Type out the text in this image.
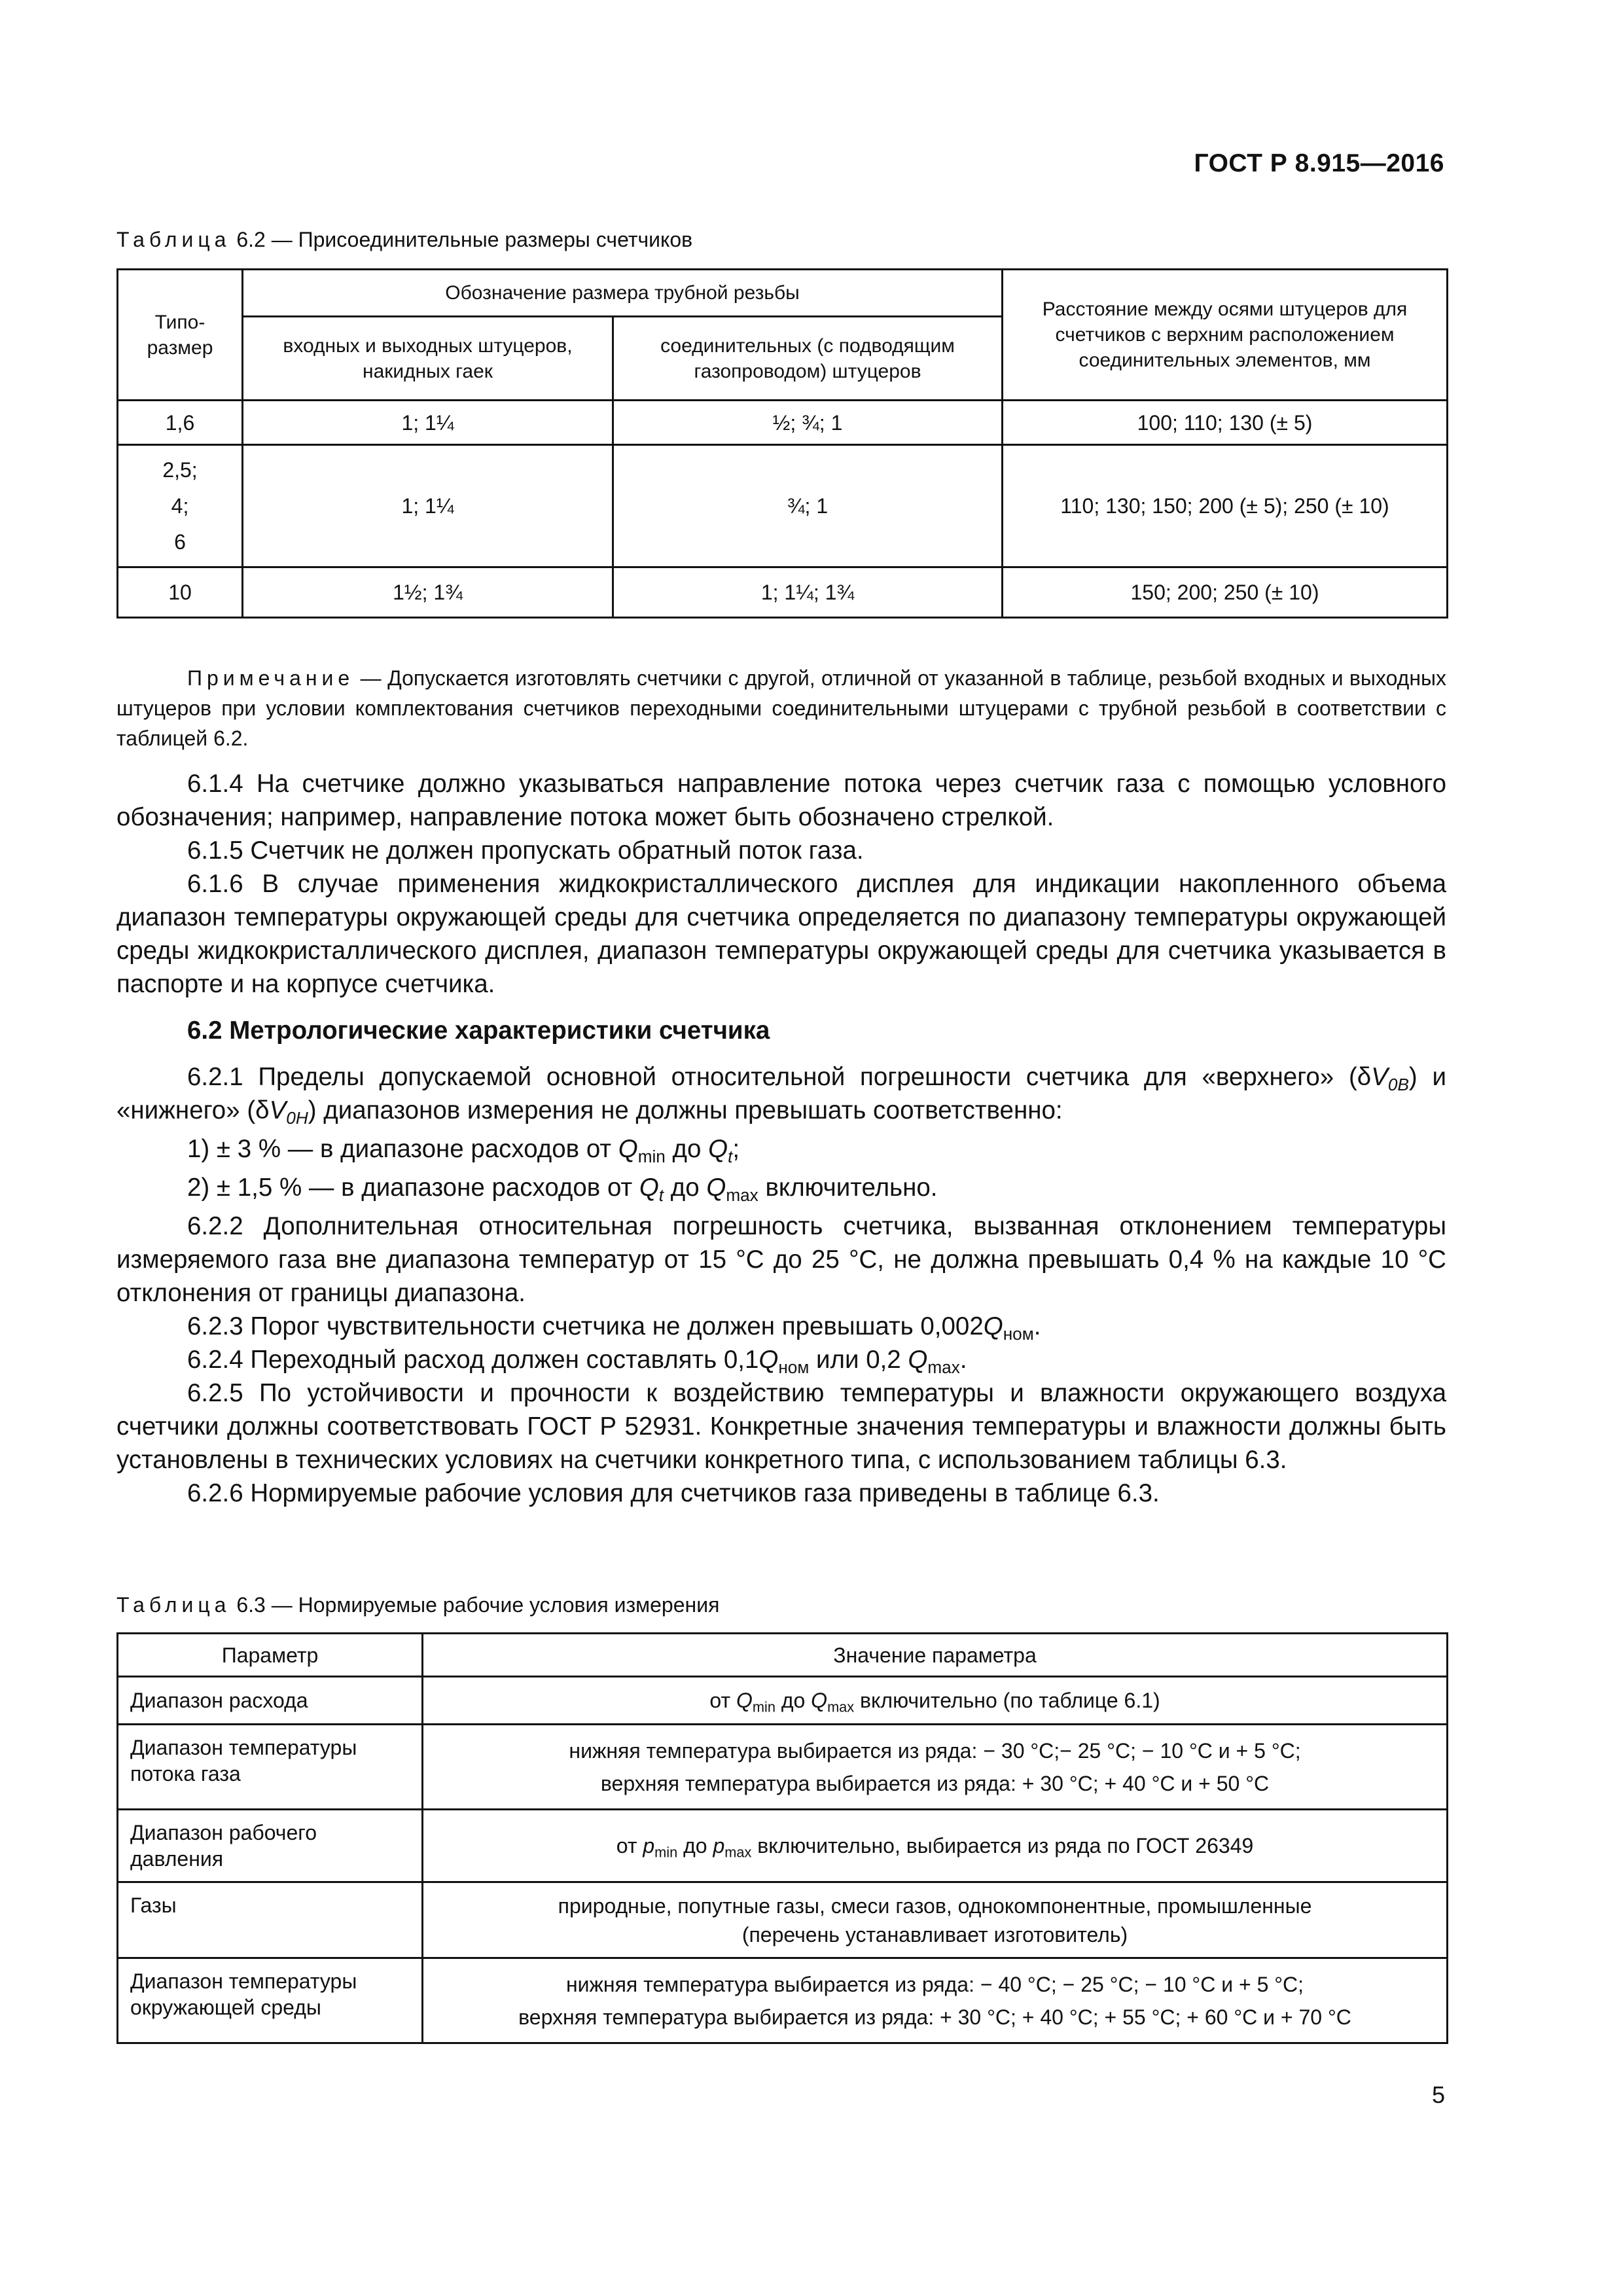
ГОСТ Р 8.915—2016
Таблица 6.2 — Присоединительные размеры счетчиков
Типо-размер	Обозначение размера трубной резьбы		Расстояние между осями штуцеров для счетчиков с верхним расположением соединительных элементов, мм
	входных и выходных штуцеров, накидных гаек	соединительных (с подводящим газопроводом) штуцеров	
1,6	1; 1¼	½; ¾; 1	100; 110; 130 (± 5)
2,5;
4;
6	1; 1¼	¾; 1	110; 130; 150; 200 (± 5); 250 (± 10)
10	1½; 1¾	1; 1¼; 1¾	150; 200; 250 (± 10)

Примечание — Допускается изготовлять счетчики с другой, отличной от указанной в таблице, резьбой входных и выходных штуцеров при условии комплектования счетчиков переходными соединительными штуцерами с трубной резьбой в соответствии с таблицей 6.2.

6.1.4 На счетчике должно указываться направление потока через счетчик газа с помощью условного обозначения; например, направление потока может быть обозначено стрелкой.

6.1.5 Счетчик не должен пропускать обратный поток газа.

6.1.6 В случае применения жидкокристаллического дисплея для индикации накопленного объема диапазон температуры окружающей среды для счетчика определяется по диапазону температуры окружающей среды жидкокристаллического дисплея, диапазон температуры окружающей среды для счетчика указывается в паспорте и на корпусе счетчика.

6.2 Метрологические характеристики счетчика

6.2.1 Пределы допускаемой основной относительной погрешности счетчика для «верхнего» $(\delta V_{0B})$ и «нижнего» $(\delta V_{0H})$ диапазонов измерения не должны превышать соответственно:

1) ± 3 % — в диапазоне расходов от $Q_{min}$ до $Q_t$;

2) ± 1,5 % — в диапазоне расходов от $Q_t$ до $Q_{max}$ включительно.

6.2.2 Дополнительная относительная погрешность счетчика, вызванная отклонением температуры измеряемого газа вне диапазона температур от 15 °С до 25 °С, не должна превышать 0,4 % на каждые 10 °С отклонения от границы диапазона.

6.2.3 Порог чувствительности счетчика не должен превышать $0,002Q_{ном}$.

6.2.4 Переходный расход должен составлять $0,1Q_{ном}$ или 0,2 $Q_{max}$.

6.2.5 По устойчивости и прочности к воздействию температуры и влажности окружающего воздуха счетчики должны соответствовать ГОСТ Р 52931. Конкретные значения температуры и влажности должны быть установлены в технических условиях на счетчики конкретного типа, с использованием таблицы 6.3.

6.2.6 Нормируемые рабочие условия для счетчиков газа приведены в таблице 6.3.

Таблица 6.3 — Нормируемые рабочие условия измерения

Параметр	Значение параметра
Диапазон расхода	от $Q_{min}$ до $Q_{max}$ включительно (по таблице 6.1)
Диапазон температуры потока газа	нижняя температура выбирается из ряда: − 30 °C;− 25 °C; − 10 °C и + 5 °C;
верхняя температура выбирается из ряда: + 30 °C; + 40 °C и + 50 °C

Диапазон рабочего давления	от $p_{min}$ до $p_{max}$ включительно, выбирается из ряда по ГОСТ 26349
Газы	природные, попутные газы, смеси газов, однокомпонентные, промышленные
(перечень устанавливает изготовитель)

Диапазон температуры окружающей среды	нижняя температура выбирается из ряда: − 40 °C; − 25 °C; − 10 °C и + 5 °C;
верхняя температура выбирается из ряда: + 30 °C; + 40 °C; + 55 °C; + 60 °C и + 70 °C
5
